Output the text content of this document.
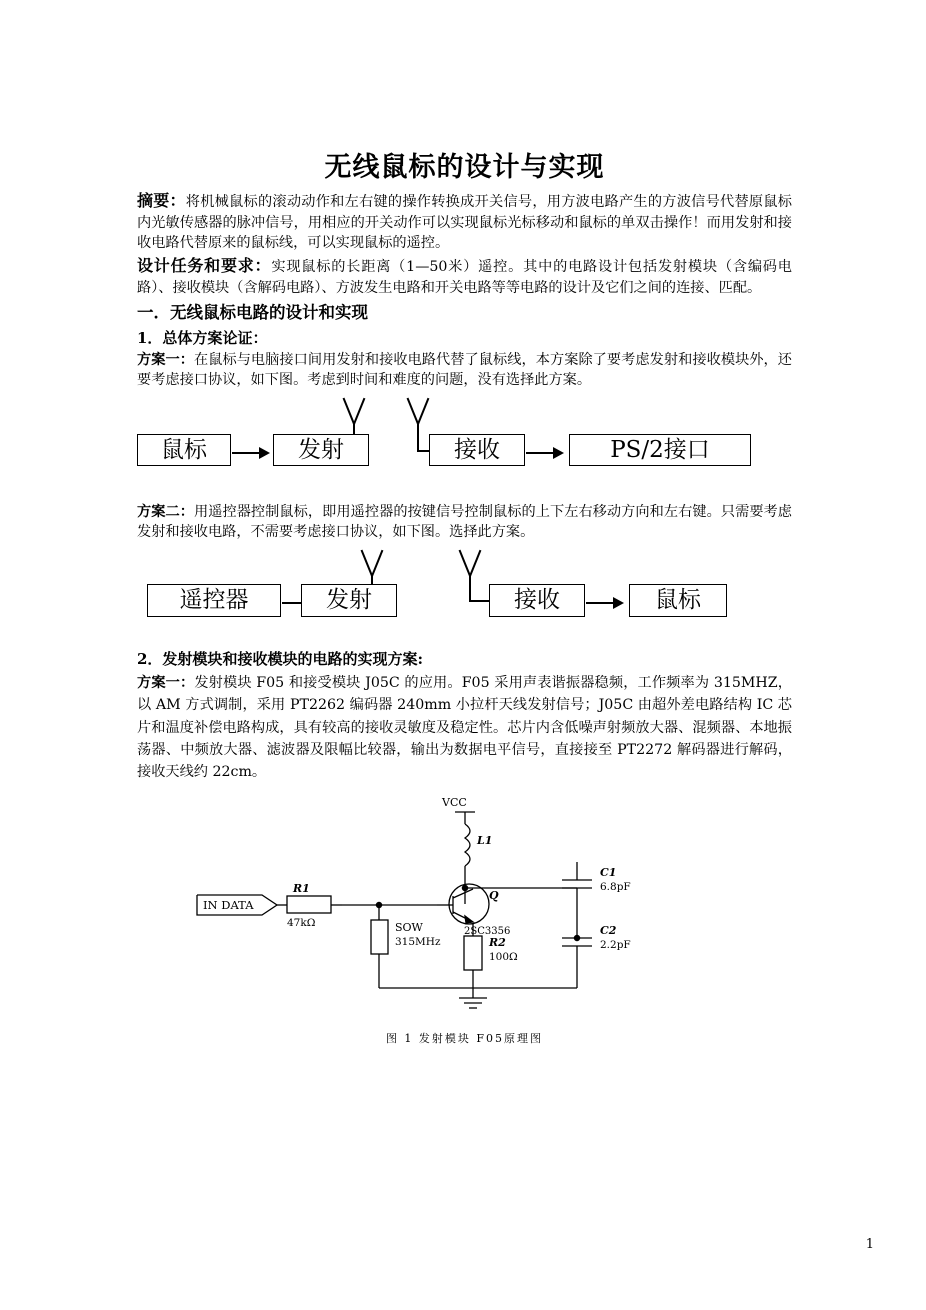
无线鼠标的设计与实现

摘要：将机械鼠标的滚动动作和左右键的操作转换成开关信号，用方波电路产生的方波信号代替原鼠标内光敏传感器的脉冲信号，用相应的开关动作可以实现鼠标光标移动和鼠标的单双击操作！而用发射和接收电路代替原来的鼠标线，可以实现鼠标的遥控。

设计任务和要求：实现鼠标的长距离（1—50米）遥控。其中的电路设计包括发射模块（含编码电路）、接收模块（含解码电路）、方波发生电路和开关电路等等电路的设计及它们之间的连接、匹配。

一．无线鼠标电路的设计和实现
1．总体方案论证：

方案一：在鼠标与电脑接口间用发射和接收电路代替了鼠标线，本方案除了要考虑发射和接收模块外，还要考虑接口协议，如下图。考虑到时间和难度的问题，没有选择此方案。

鼠标	发射	接收	PS/2接口

方案二：用遥控器控制鼠标，即用遥控器的按键信号控制鼠标的上下左右移动方向和左右键。只需要考虑发射和接收电路，不需要考虑接口协议，如下图。选择此方案。

遥控器	发射	接收	鼠标
2．发射模块和接收模块的电路的实现方案:

方案一：发射模块 F05 和接受模块 J05C 的应用。F05 采用声表谐振器稳频，工作频率为 315MHZ，以 AM 方式调制，采用 PT2262 编码器 240mm 小拉杆天线发射信号；J05C 由超外差电路结构 IC 芯片和温度补偿电路构成，具有较高的接收灵敏度及稳定性。芯片内含低噪声射频放大器、混频器、本地振荡器、中频放大器、滤波器及限幅比较器，输出为数据电平信号，直接接至 PT2272 解码器进行解码，接收天线约 22cm。

VCC
L1
IN DATA
R1
47kΩ	SOW
315MHz
Q
2SC3356
C1
6.8pF
C2
2.2pF
R2
100Ω
图 1 发射模块 F05原理图
1
